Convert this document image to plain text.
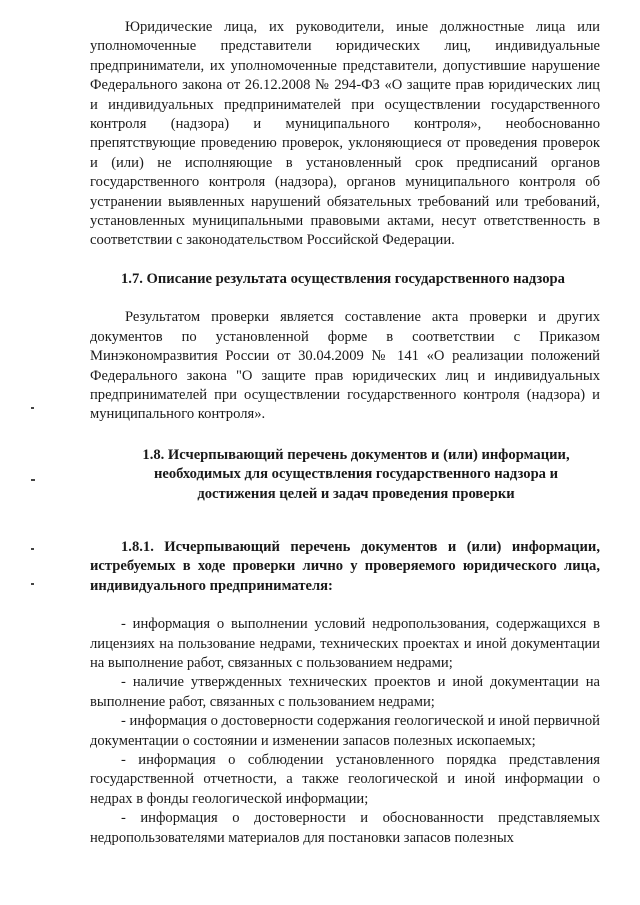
Юридические лица, их руководители, иные должностные лица или уполномоченные представители юридических лиц, индивидуальные предприниматели, их уполномоченные представители, допустившие нарушение Федерального закона от 26.12.2008 № 294-ФЗ «О защите прав юридических лиц и индивидуальных предпринимателей при осуществлении государственного контроля (надзора) и муниципального контроля», необоснованно препятствующие проведению проверок, уклоняющиеся от проведения проверок и (или) не исполняющие в установленный срок предписаний органов государственного контроля (надзора), органов муниципального контроля об устранении выявленных нарушений обязательных требований или требований, установленных муниципальными правовыми актами, несут ответственность в соответствии с законодательством Российской Федерации.

1.7. Описание результата осуществления государственного надзора

Результатом проверки является составление акта проверки и других документов по установленной форме в соответствии с Приказом Минэкономразвития России от 30.04.2009 № 141 «О реализации положений Федерального закона "О защите прав юридических лиц и индивидуальных предпринимателей при осуществлении государственного контроля (надзора) и муниципального контроля».

1.8. Исчерпывающий перечень документов и (или) информации,
необходимых для осуществления государственного надзора и
достижения целей и задач проведения проверки

1.8.1. Исчерпывающий перечень документов и (или) информации, истребуемых в ходе проверки лично у проверяемого юридического лица, индивидуального предпринимателя:

- информация о выполнении условий недропользования, содержащихся в лицензиях на пользование недрами, технических проектах и иной документации на выполнение работ, связанных с пользованием недрами;

- наличие утвержденных технических проектов и иной документации на выполнение работ, связанных с пользованием недрами;

- информация о достоверности содержания геологической и иной первичной документации о состоянии и изменении запасов полезных ископаемых;

- информация о соблюдении установленного порядка представления государственной отчетности, а также геологической и иной информации о недрах в фонды геологической информации;

- информация о достоверности и обоснованности представляемых недропользователями материалов для постановки запасов полезных
